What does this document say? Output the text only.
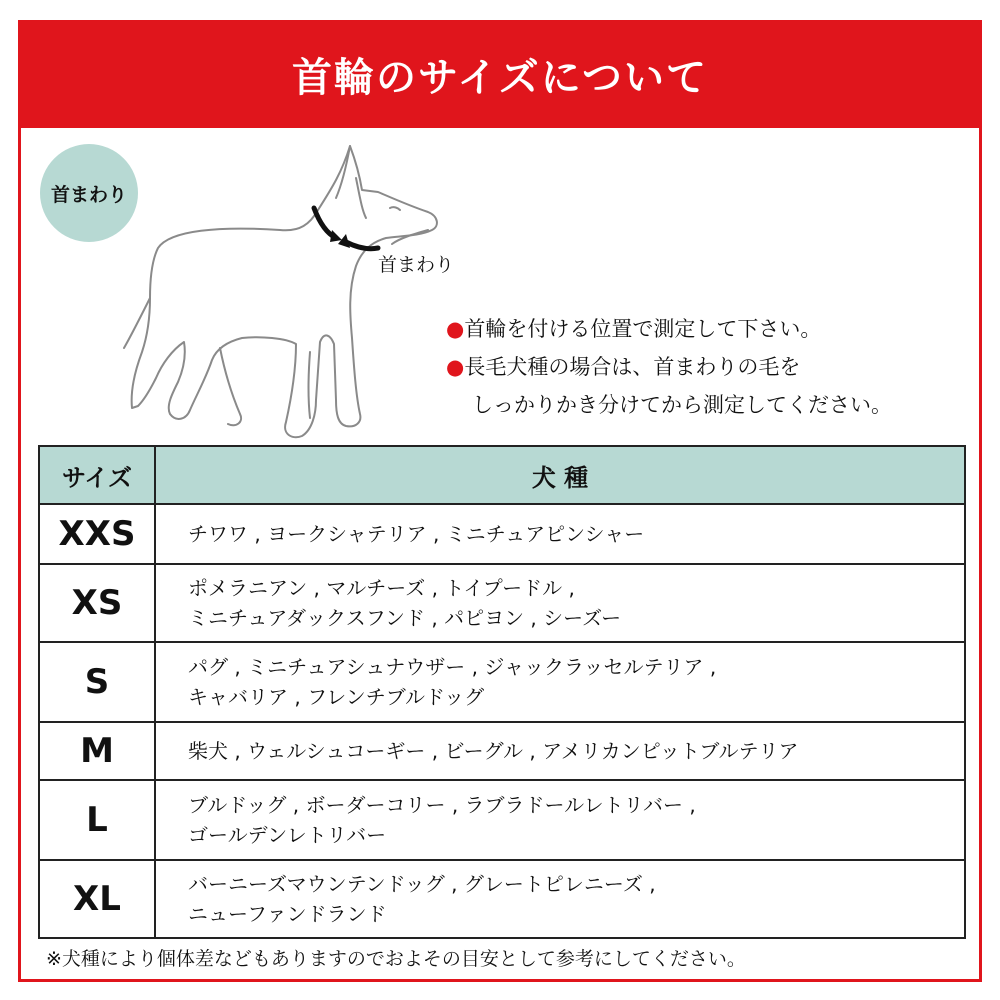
首輪のサイズについて
首まわり
首まわり
●首輪を付ける位置で測定して下さい。
●長毛犬種の場合は、首まわりの毛を
しっかりかき分けてから測定してください。
サイズ	犬 種
XXS	チワワ , ヨークシャテリア , ミニチュアピンシャー

XS	ポメラニアン , マルチーズ , トイプードル ,
ミニチュアダックスフンド , パピヨン , シーズー

S	パグ , ミニチュアシュナウザー , ジャックラッセルテリア ,
キャバリア , フレンチブルドッグ

M	柴犬 , ウェルシュコーギー , ビーグル , アメリカンピットブルテリア

L	ブルドッグ , ボーダーコリー , ラブラドールレトリバー ,
ゴールデンレトリバー

XL	バーニーズマウンテンドッグ , グレートピレニーズ ,
ニューファンドランド
※犬種により個体差などもありますのでおよその目安として参考にしてください。
